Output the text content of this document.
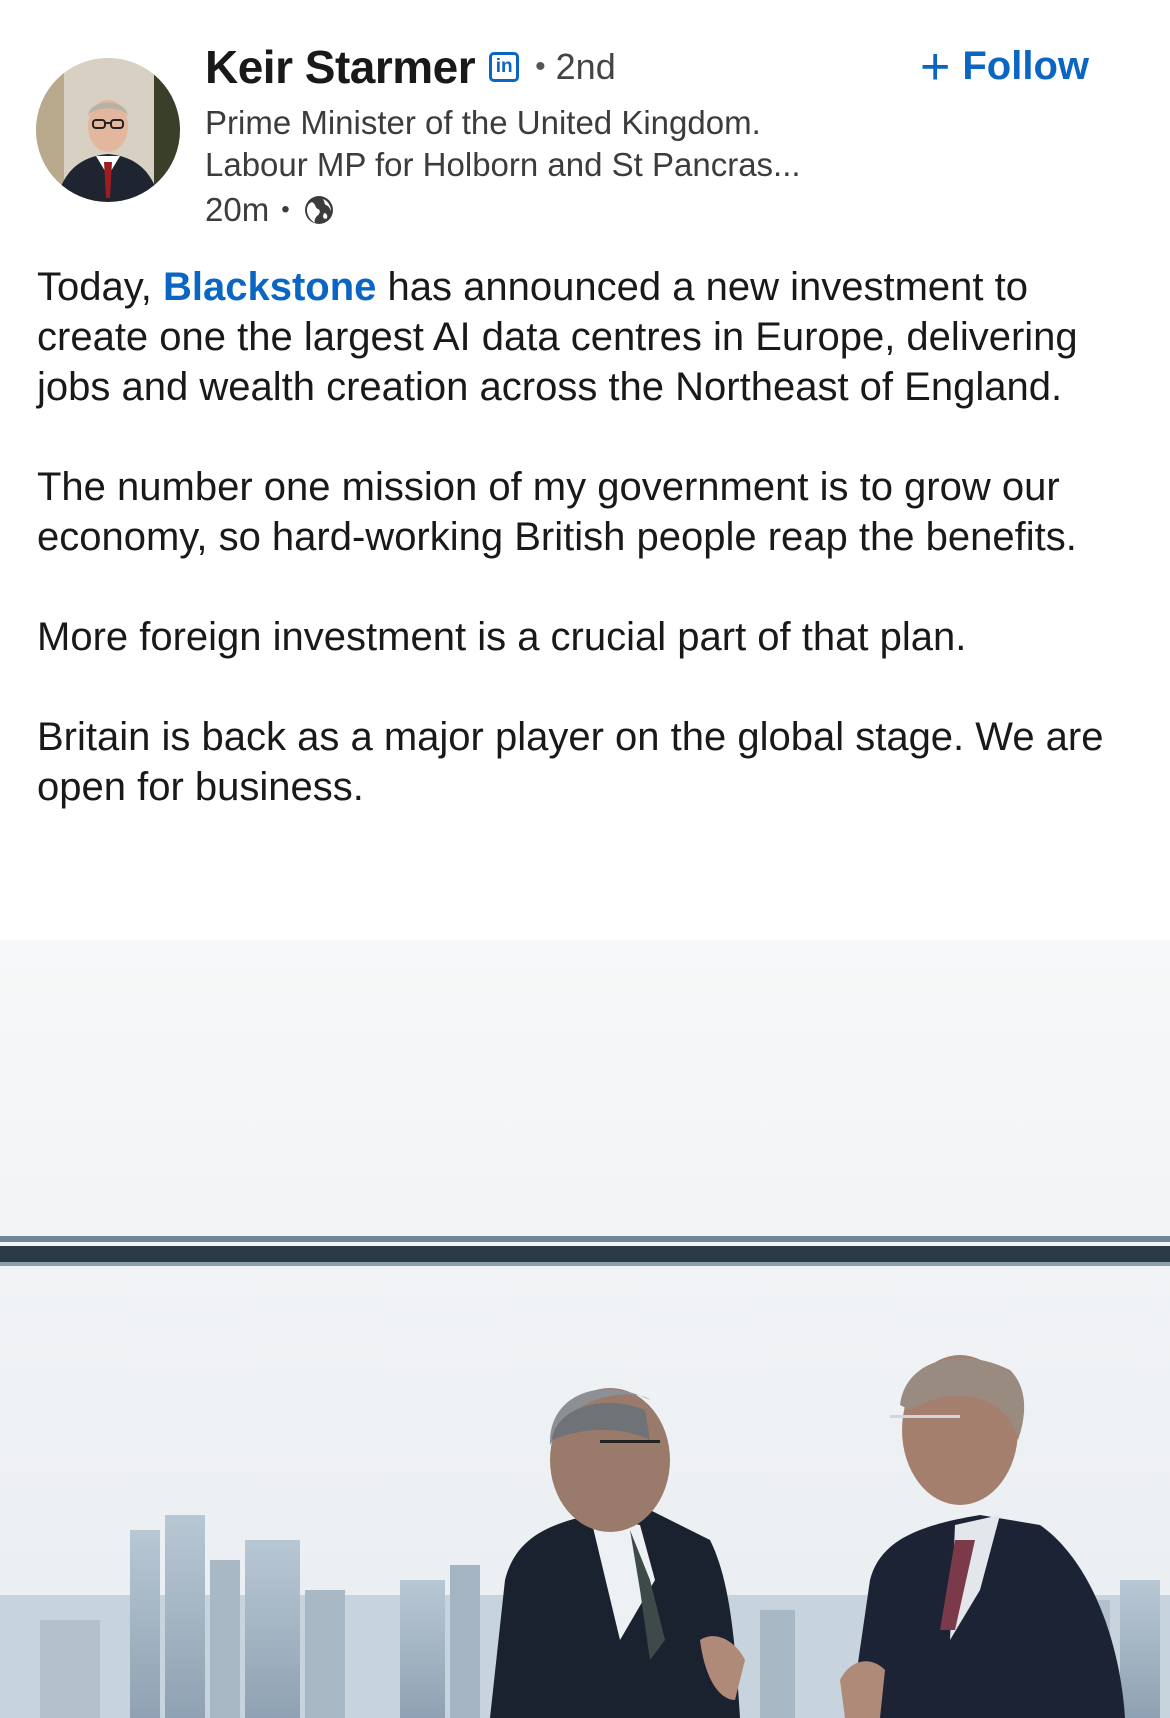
Keir Starmer in • 2nd
Prime Minister of the United Kingdom.
Labour MP for Holborn and St Pancras...
20m •
+ Follow

Today, Blackstone has announced a new investment to create one the largest AI data centres in Europe, delivering jobs and wealth creation across the Northeast of England.

The number one mission of my government is to grow our economy, so hard-working British people reap the benefits.

More foreign investment is a crucial part of that plan.

Britain is back as a major player on the global stage. We are open for business.
